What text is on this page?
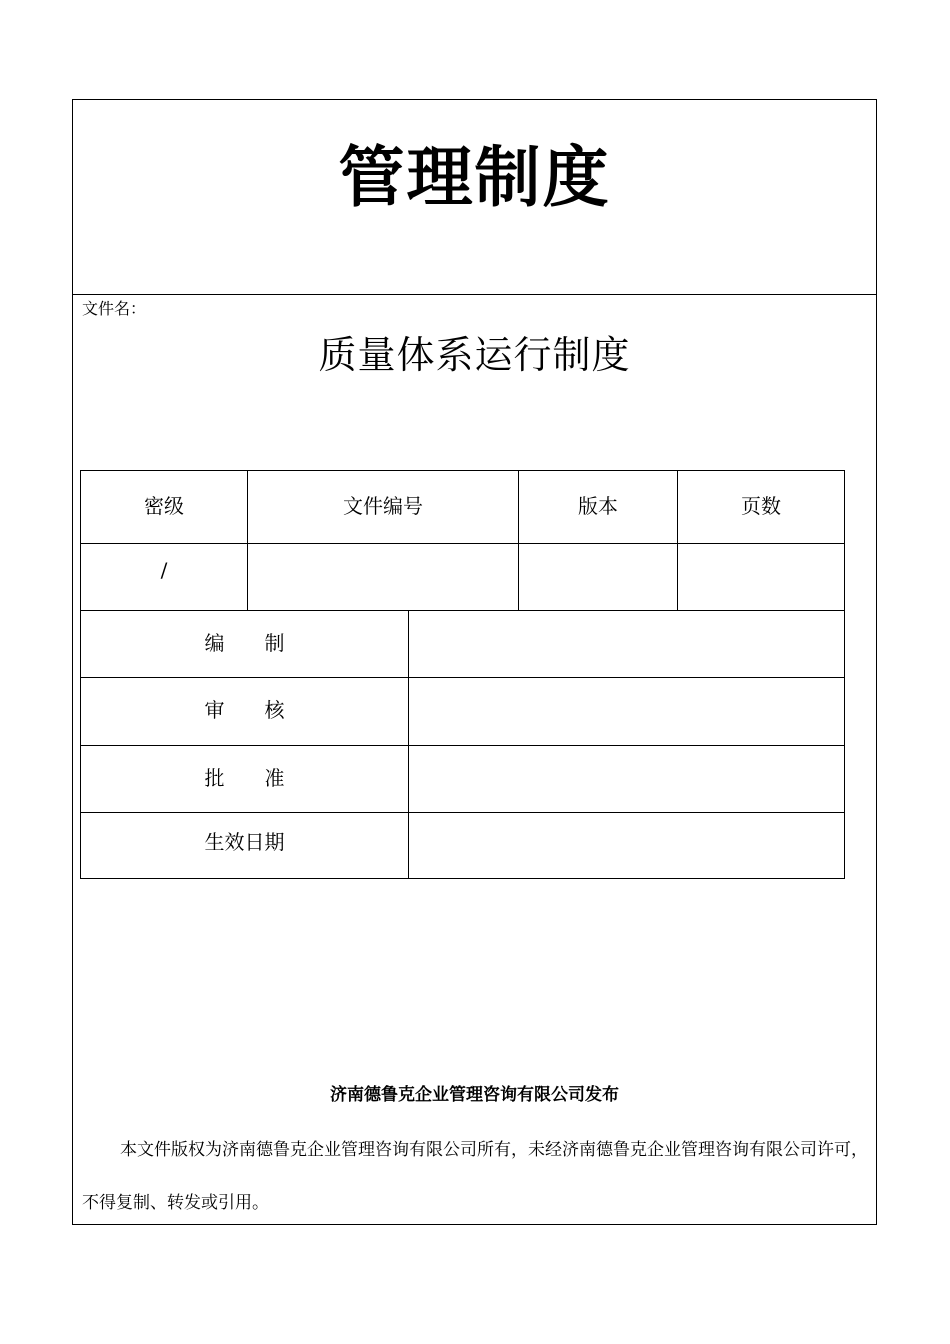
管理制度
文件名：
质量体系运行制度
济南德鲁克企业管理咨询有限公司发布
本文件版权为济南德鲁克企业管理咨询有限公司所有，未经济南德鲁克企业管理咨询有限公司许可，不得复制、转发或引用。
密级	文件编号	版本	页数
/
编　　制
审　　核
批　　准
生效日期
